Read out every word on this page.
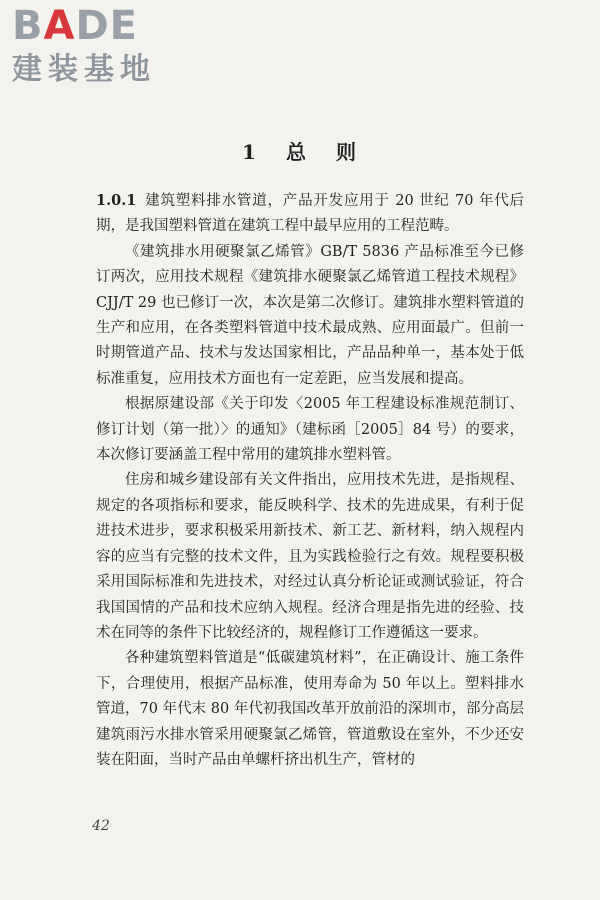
BADE
建装基地
1 总 则

1.0.1 建筑塑料排水管道，产品开发应用于 20 世纪 70 年代后期，是我国塑料管道在建筑工程中最早应用的工程范畴。

《建筑排水用硬聚氯乙烯管》GB/T 5836 产品标准至今已修订两次，应用技术规程《建筑排水硬聚氯乙烯管道工程技术规程》CJJ/T 29 也已修订一次，本次是第二次修订。建筑排水塑料管道的生产和应用，在各类塑料管道中技术最成熟、应用面最广。但前一时期管道产品、技术与发达国家相比，产品品种单一，基本处于低标准重复，应用技术方面也有一定差距，应当发展和提高。

根据原建设部《关于印发〈2005 年工程建设标准规范制订、修订计划（第一批）〉的通知》（建标函［2005］84 号）的要求，本次修订要涵盖工程中常用的建筑排水塑料管。

住房和城乡建设部有关文件指出，应用技术先进，是指规程、规定的各项指标和要求，能反映科学、技术的先进成果，有利于促进技术进步，要求积极采用新技术、新工艺、新材料，纳入规程内容的应当有完整的技术文件，且为实践检验行之有效。规程要积极采用国际标准和先进技术，对经过认真分析论证或测试验证，符合我国国情的产品和技术应纳入规程。经济合理是指先进的经验、技术在同等的条件下比较经济的，规程修订工作遵循这一要求。

各种建筑塑料管道是“低碳建筑材料”，在正确设计、施工条件下，合理使用，根据产品标准，使用寿命为 50 年以上。塑料排水管道，70 年代末 80 年代初我国改革开放前沿的深圳市，部分高层建筑雨污水排水管采用硬聚氯乙烯管，管道敷设在室外，不少还安装在阳面，当时产品由单螺杆挤出机生产，管材的

42
